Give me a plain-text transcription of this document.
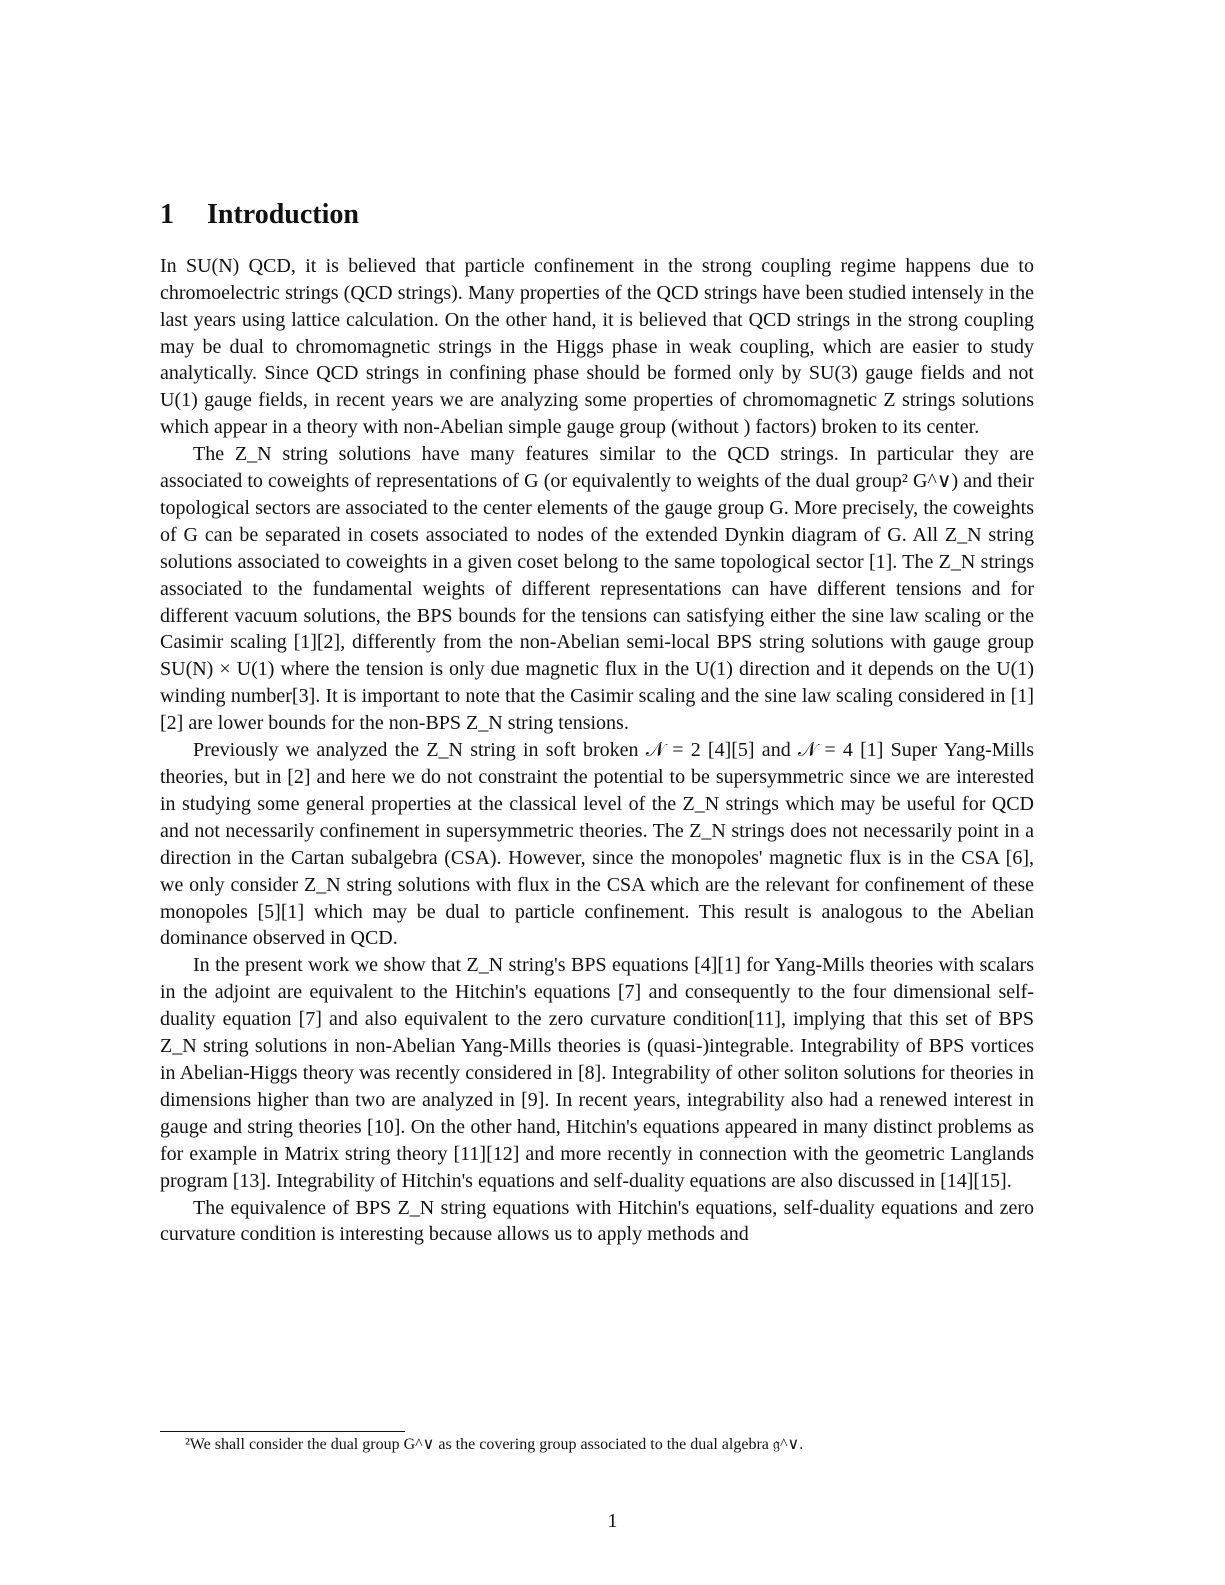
1 Introduction

In SU(N) QCD, it is believed that particle confinement in the strong coupling regime happens due to chromoelectric strings (QCD strings). Many properties of the QCD strings have been studied intensely in the last years using lattice calculation. On the other hand, it is believed that QCD strings in the strong coupling may be dual to chromomagnetic strings in the Higgs phase in weak coupling, which are easier to study analytically. Since QCD strings in confining phase should be formed only by SU(3) gauge fields and not U(1) gauge fields, in recent years we are analyzing some properties of chromomagnetic Z strings solutions which appear in a theory with non-Abelian simple gauge group (without ) factors) broken to its center.

The Z_N string solutions have many features similar to the QCD strings. In particular they are associated to coweights of representations of G (or equivalently to weights of the dual group² G^∨) and their topological sectors are associated to the center elements of the gauge group G. More precisely, the coweights of G can be separated in cosets associated to nodes of the extended Dynkin diagram of G. All Z_N string solutions associated to coweights in a given coset belong to the same topological sector [1]. The Z_N strings associated to the fundamental weights of different representations can have different tensions and for different vacuum solutions, the BPS bounds for the tensions can satisfying either the sine law scaling or the Casimir scaling [1][2], differently from the non-Abelian semi-local BPS string solutions with gauge group SU(N) × U(1) where the tension is only due magnetic flux in the U(1) direction and it depends on the U(1) winding number[3]. It is important to note that the Casimir scaling and the sine law scaling considered in [1][2] are lower bounds for the non-BPS Z_N string tensions.

Previously we analyzed the Z_N string in soft broken 𝒩 = 2 [4][5] and 𝒩 = 4 [1] Super Yang-Mills theories, but in [2] and here we do not constraint the potential to be supersymmetric since we are interested in studying some general properties at the classical level of the Z_N strings which may be useful for QCD and not necessarily confinement in supersymmetric theories. The Z_N strings does not necessarily point in a direction in the Cartan subalgebra (CSA). However, since the monopoles' magnetic flux is in the CSA [6], we only consider Z_N string solutions with flux in the CSA which are the relevant for confinement of these monopoles [5][1] which may be dual to particle confinement. This result is analogous to the Abelian dominance observed in QCD.

In the present work we show that Z_N string's BPS equations [4][1] for Yang-Mills theories with scalars in the adjoint are equivalent to the Hitchin's equations [7] and consequently to the four dimensional self-duality equation [7] and also equivalent to the zero curvature condition[11], implying that this set of BPS Z_N string solutions in non-Abelian Yang-Mills theories is (quasi-)integrable. Integrability of BPS vortices in Abelian-Higgs theory was recently considered in [8]. Integrability of other soliton solutions for theories in dimensions higher than two are analyzed in [9]. In recent years, integrability also had a renewed interest in gauge and string theories [10]. On the other hand, Hitchin's equations appeared in many distinct problems as for example in Matrix string theory [11][12] and more recently in connection with the geometric Langlands program [13]. Integrability of Hitchin's equations and self-duality equations are also discussed in [14][15].

The equivalence of BPS Z_N string equations with Hitchin's equations, self-duality equations and zero curvature condition is interesting because allows us to apply methods and

²We shall consider the dual group G^∨ as the covering group associated to the dual algebra 𝔤^∨.
1
